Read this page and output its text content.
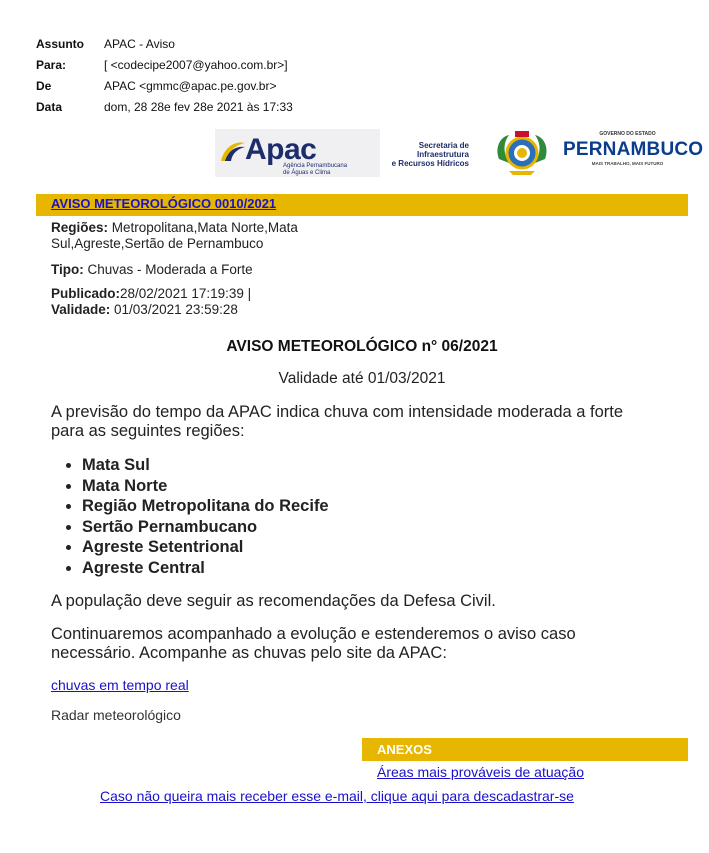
Assunto	APAC - Aviso
Para:	[ <codecipe2007@yahoo.com.br>]
De	APAC <gmmc@apac.pe.gov.br>
Data	dom, 28 28e fev 28e 2021 às 17:33
Apac
Agência Pernambucana
de Águas e Clima
Secretaria de
Infraestrutura
e Recursos Hídricos
GOVERNO DO ESTADO
PERNAMBUCO
MAIS TRABALHO, MAIS FUTURO
AVISO METEOROLÓGICO 0010/2021
Regiões: Metropolitana,Mata Norte,Mata
Sul,Agreste,Sertão de Pernambuco
Tipo: Chuvas - Moderada a Forte
Publicado:28/02/2021 17:19:39 |
Validade: 01/03/2021 23:59:28
AVISO METEOROLÓGICO n° 06/2021
Validade até 01/03/2021
A previsão do tempo da APAC indica chuva com intensidade moderada a forte
para as seguintes regiões:
• Mata Sul
• Mata Norte
• Região Metropolitana do Recife
• Sertão Pernambucano
• Agreste Setentrional
• Agreste Central
A população deve seguir as recomendações da Defesa Civil.
Continuaremos acompanhado a evolução e estenderemos o aviso caso
necessário. Acompanhe as chuvas pelo site da APAC:
chuvas em tempo real
Radar meteorológico
ANEXOS
Áreas mais prováveis de atuação
Caso não queira mais receber esse e-mail, clique aqui para descadastrar-se
